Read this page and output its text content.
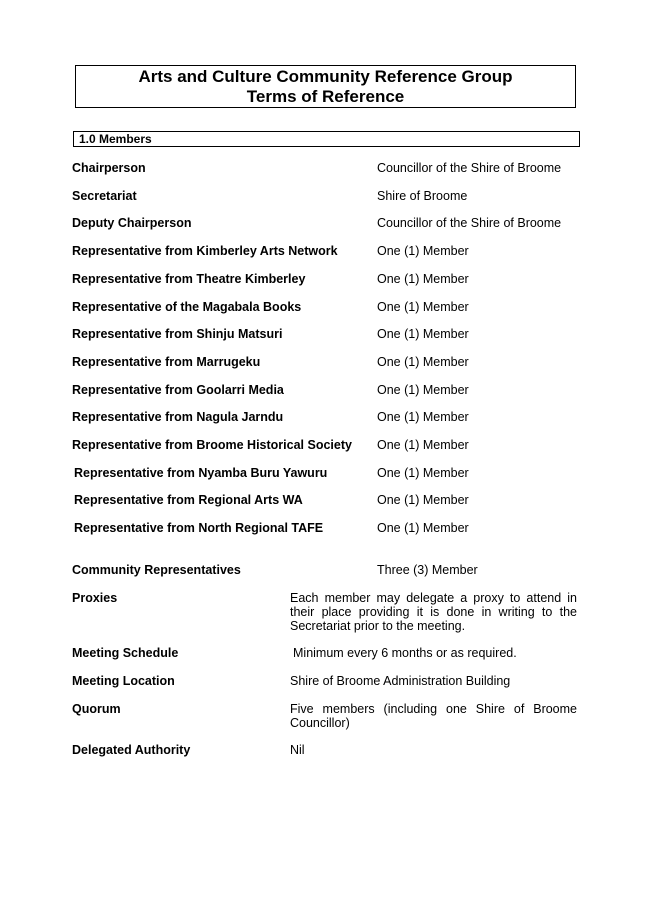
Arts and Culture Community Reference Group
Terms of Reference
1.0 Members
Chairperson	Councillor of the Shire of Broome
Secretariat	Shire of Broome
Deputy Chairperson	Councillor of the Shire of Broome
Representative from Kimberley Arts Network	One (1) Member
Representative from Theatre Kimberley	One (1) Member
Representative of the Magabala Books	One (1) Member
Representative from Shinju Matsuri	One (1) Member
Representative from Marrugeku	One (1) Member
Representative from Goolarri Media	One (1) Member
Representative from Nagula Jarndu	One (1) Member
Representative from Broome Historical Society One (1) Member
Representative from Nyamba Buru Yawuru	One (1) Member
Representative from Regional Arts WA	One (1) Member
Representative from North Regional TAFE	One (1) Member
Community Representatives	Three (3) Member
Proxies	Each member may delegate a proxy to attend in their place providing it is done in writing to the Secretariat prior to the meeting.
Meeting Schedule	Minimum every 6 months or as required.
Meeting Location	Shire of Broome Administration Building
Quorum	Five members (including one Shire of Broome Councillor)
Delegated Authority	Nil
